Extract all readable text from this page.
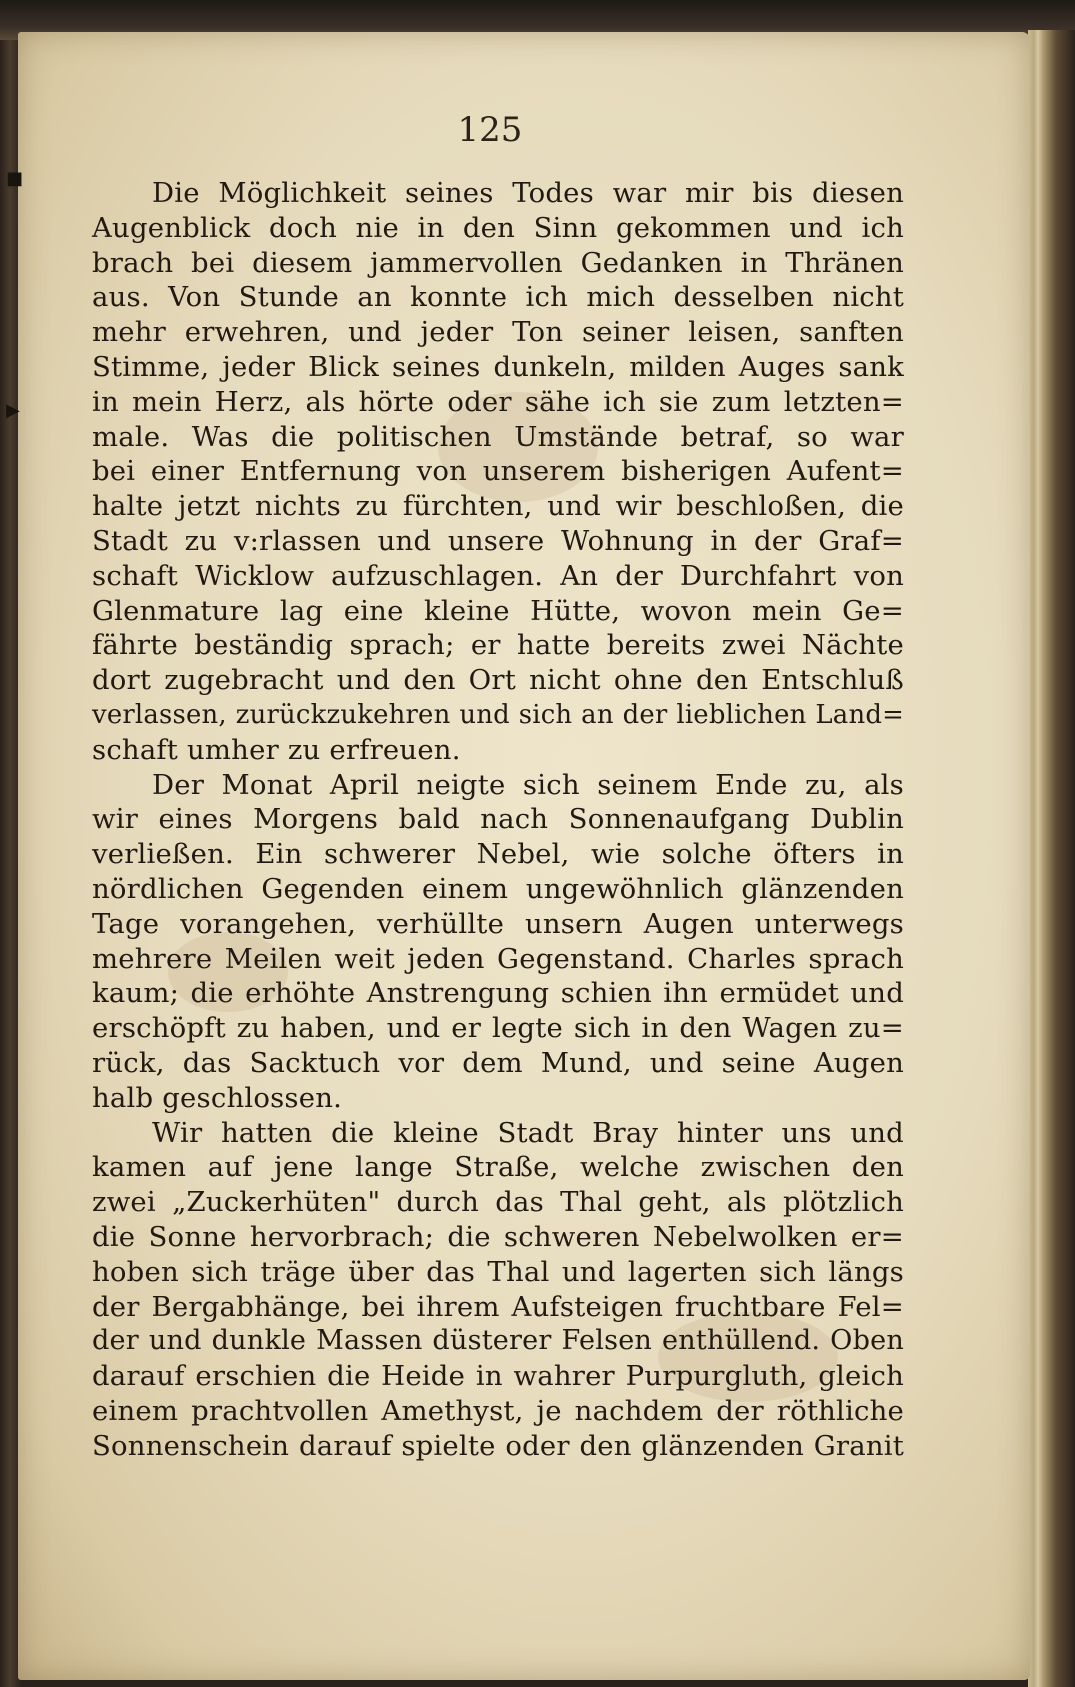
■
▶
125
Die Möglichkeit seines Todes war mir bis diesen
Augenblick doch nie in den Sinn gekommen und ich
brach bei diesem jammervollen Gedanken in Thränen
aus. Von Stunde an konnte ich mich desselben nicht
mehr erwehren, und jeder Ton seiner leisen, sanften
Stimme, jeder Blick seines dunkeln, milden Auges sank
in mein Herz, als hörte oder sähe ich sie zum letzten=
male. Was die politischen Umstände betraf, so war
bei einer Entfernung von unserem bisherigen Aufent=
halte jetzt nichts zu fürchten, und wir beschloßen, die
Stadt zu v:rlassen und unsere Wohnung in der Graf=
schaft Wicklow aufzuschlagen. An der Durchfahrt von
Glenmature lag eine kleine Hütte, wovon mein Ge=
fährte beständig sprach; er hatte bereits zwei Nächte
dort zugebracht und den Ort nicht ohne den Entschluß
verlassen, zurückzukehren und sich an der lieblichen Land=
schaft umher zu erfreuen.
Der Monat April neigte sich seinem Ende zu, als
wir eines Morgens bald nach Sonnenaufgang Dublin
verließen. Ein schwerer Nebel, wie solche öfters in
nördlichen Gegenden einem ungewöhnlich glänzenden
Tage vorangehen, verhüllte unsern Augen unterwegs
mehrere Meilen weit jeden Gegenstand. Charles sprach
kaum; die erhöhte Anstrengung schien ihn ermüdet und
erschöpft zu haben, und er legte sich in den Wagen zu=
rück, das Sacktuch vor dem Mund, und seine Augen
halb geschlossen.
Wir hatten die kleine Stadt Bray hinter uns und
kamen auf jene lange Straße, welche zwischen den
zwei „Zuckerhüten" durch das Thal geht, als plötzlich
die Sonne hervorbrach; die schweren Nebelwolken er=
hoben sich träge über das Thal und lagerten sich längs
der Bergabhänge, bei ihrem Aufsteigen fruchtbare Fel=
der und dunkle Massen düsterer Felsen enthüllend. Oben
darauf erschien die Heide in wahrer Purpurgluth, gleich
einem prachtvollen Amethyst, je nachdem der röthliche
Sonnenschein darauf spielte oder den glänzenden Granit
